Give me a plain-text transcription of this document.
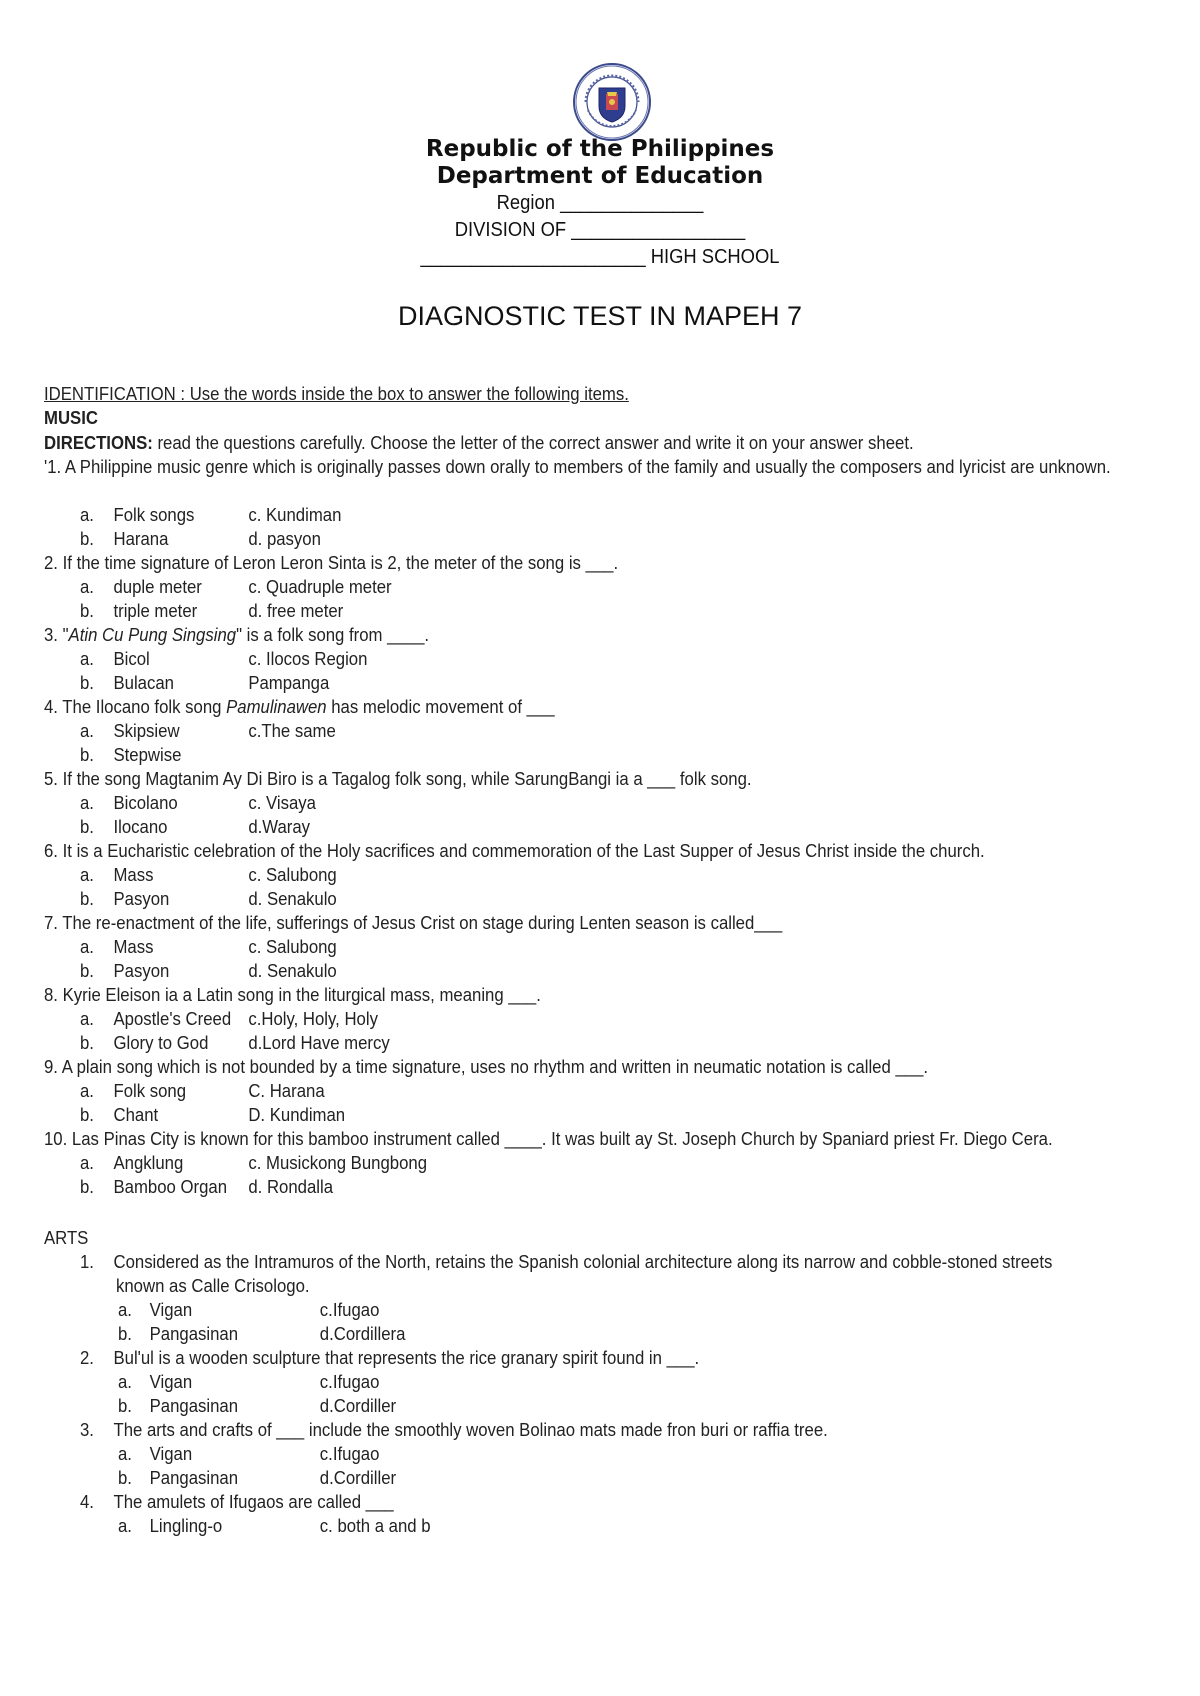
Republic of the Philippines
Department of Education
Region ______________
DIVISION OF _________________
______________________ HIGH SCHOOL
DIAGNOSTIC TEST IN MAPEH 7
IDENTIFICATION : Use the words inside the box to answer the following items.
MUSIC
DIRECTIONS: read the questions carefully. Choose the letter of the correct answer and write it on your answer sheet.
'1. A Philippine music genre which is originally passes down orally to members of the family and usually the composers and lyricist are unknown.
a. Folk songs	c. Kundiman
b. Harana	d. pasyon
2. If the time signature of Leron Leron Sinta is 2, the meter of the song is ___.
a. duple meter	c. Quadruple meter
b. triple meter	d. free meter
3. "Atin Cu Pung Singsing" is a folk song from ____.
a. Bicol	c. Ilocos Region
b. Bulacan	Pampanga
4. The Ilocano folk song Pamulinawen has melodic movement of ___
a. Skipsiew	c.The same
b. Stepwise
5. If the song Magtanim Ay Di Biro is a Tagalog folk song, while SarungBangi ia a ___ folk song.
a. Bicolano	c. Visaya
b. Ilocano	d.Waray
6. It is a Eucharistic celebration of the Holy sacrifices and commemoration of the Last Supper of Jesus Christ inside the church.
a. Mass	c. Salubong
b. Pasyon	d. Senakulo
7. The re-enactment of the life, sufferings of Jesus Crist on stage during Lenten season is called___
a. Mass	c. Salubong
b. Pasyon	d. Senakulo
8. Kyrie Eleison ia a Latin song in the liturgical mass, meaning ___.
a. Apostle's Creed c.Holy, Holy, Holy
b. Glory to God d.Lord Have mercy
9. A plain song which is not bounded by a time signature, uses no rhythm and written in neumatic notation is called ___.
a. Folk song	C. Harana
b. Chant	D. Kundiman
10. Las Pinas City is known for this bamboo instrument called ____. It was built ay St. Joseph Church by Spaniard priest Fr. Diego Cera.
a. Angklung	c. Musickong Bungbong
b. Bamboo Organ d. Rondalla
ARTS
1. Considered as the Intramuros of the North, retains the Spanish colonial architecture along its narrow and cobble-stoned streets
known as Calle Crisologo.
a. Vigan	c.Ifugao
b. Pangasinan	d.Cordillera
2. Bul'ul is a wooden sculpture that represents the rice granary spirit found in ___.
a. Vigan	c.Ifugao
b. Pangasinan	d.Cordiller
3. The arts and crafts of ___ include the smoothly woven Bolinao mats made fron buri or raffia tree.
a. Vigan	c.Ifugao
b. Pangasinan	d.Cordiller
4. The amulets of Ifugaos are called ___
a. Lingling-o	c. both a and b
